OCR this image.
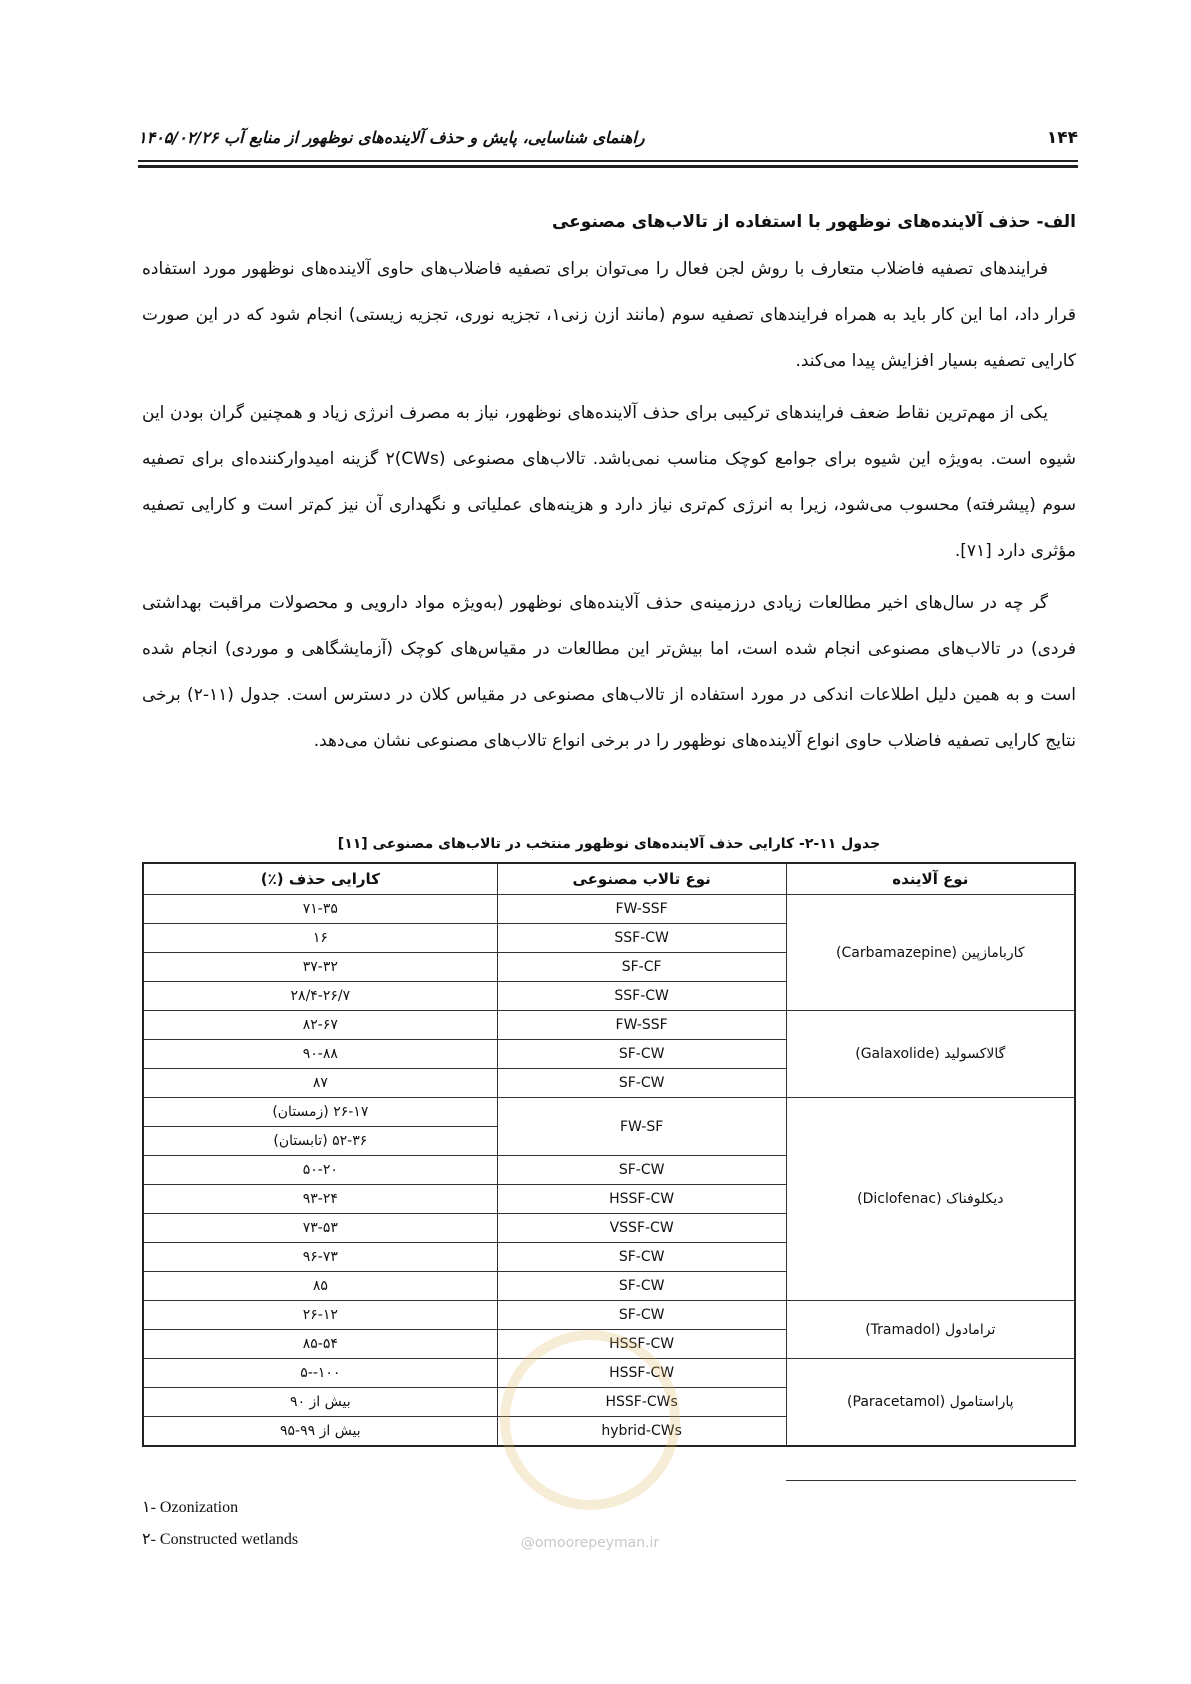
۱۴۴
راهنمای شناسایی، پایش و حذف آلاینده‌های نوظهور از منابع آب ۱۴۰۵/۰۲/۲۶
الف- حذف آلاینده‌های نوظهور با استفاده از تالاب‌های مصنوعی

فرایندهای تصفیه فاضلاب متعارف با روش لجن فعال را می‌توان برای تصفیه فاضلاب‌های حاوی آلاینده‌های نوظهور مورد استفاده قرار داد، اما این کار باید به همراه فرایندهای تصفیه سوم (مانند ازن زنی۱، تجزیه نوری، تجزیه زیستی) انجام شود که در این صورت کارایی تصفیه بسیار افزایش پیدا می‌کند.

یکی از مهم‌ترین نقاط ضعف فرایندهای ترکیبی برای حذف آلاینده‌های نوظهور، نیاز به مصرف انرژی زیاد و همچنین گران بودن این شیوه است. به‌ویژه این شیوه برای جوامع کوچک مناسب نمی‌باشد. تالاب‌های مصنوعی (CWs)۲ گزینه امیدوارکننده‌ای برای تصفیه سوم (پیشرفته) محسوب می‌شود، زیرا به انرژی کم‌تری نیاز دارد و هزینه‌های عملیاتی و نگهداری آن نیز کم‌تر است و کارایی تصفیه مؤثری دارد [۷۱].

گر چه در سال‌های اخیر مطالعات زیادی درزمینه‌ی حذف آلاینده‌های نوظهور (به‌ویژه مواد دارویی و محصولات مراقبت بهداشتی فردی) در تالاب‌های مصنوعی انجام شده است، اما بیش‌تر این مطالعات در مقیاس‌های کوچک (آزمایشگاهی و موردی) انجام شده است و به همین دلیل اطلاعات اندکی در مورد استفاده از تالاب‌های مصنوعی در مقیاس کلان در دسترس است. جدول (۱۱-۲) برخی نتایج کارایی تصفیه فاضلاب حاوی انواع آلاینده‌های نوظهور را در برخی انواع تالاب‌های مصنوعی نشان می‌دهد.

جدول ۱۱-۲- کارایی حذف آلاینده‌های نوظهور منتخب در تالاب‌های مصنوعی [۱۱]
نوع آلاینده	نوع تالاب مصنوعی	کارایی حذف (٪)
کاربامازپین (Carbamazepine)	FW-SSF	۷۱-۳۵
	SSF-CW	۱۶
	SF-CF	۳۷-۳۲
	SSF-CW	۲۸/۴-۲۶/۷
گالاکسولید (Galaxolide)	FW-SSF	۸۲-۶۷
	SF-CW	۹۰-۸۸
	SF-CW	۸۷
دیکلوفناک (Diclofenac)	FW-SF	۲۶-۱۷ (زمستان)
		۵۲-۳۶ (تابستان)
	SF-CW	۵۰-۲۰
	HSSF-CW	۹۳-۲۴
	VSSF-CW	۷۳-۵۳
	SF-CW	۹۶-۷۳
	SF-CW	۸۵
ترامادول (Tramadol)	SF-CW	۲۶-۱۲
	HSSF-CW	۸۵-۵۴
پاراستامول (Paracetamol)	HSSF-CW	۱۰۰--۵
	HSSF-CWs	بیش از ۹۰
	hybrid-CWs	بیش از ۹۹-۹۵
@omoorepeyman.ir
۱- Ozonization
۲- Constructed wetlands
